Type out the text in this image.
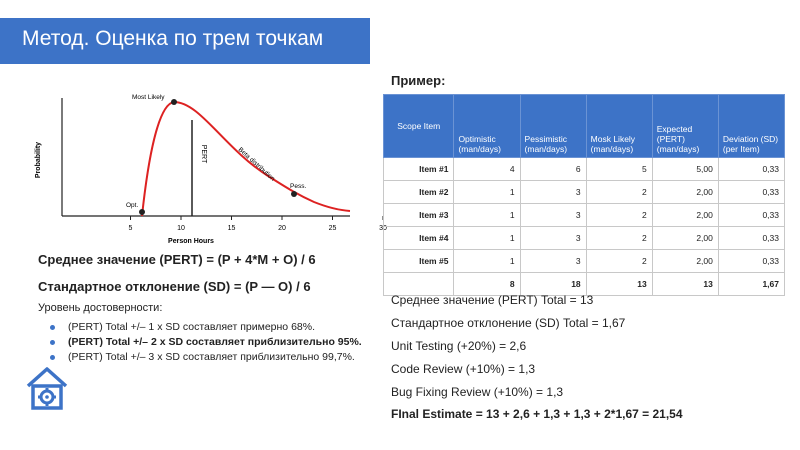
Метод. Оценка по трем точкам
Probability
Person Hours
5	10	15	20	25	30
PERT	Beta distribution
Most Likely
Opt.
Pess.
Среднее значение (PERT) = (P + 4*M + O) / 6
Стандартное отклонение (SD) = (P — O) / 6
Уровень достоверности:
(PERT) Total +/– 1 x SD составляет примерно 68%.
(PERT) Total +/– 2 x SD составляет приблизительно 95%.
(PERT) Total +/– 3 x SD составляет приблизительно 99,7%.
Пример:
Scope Item	Optimistic (man/days)	Pessimistic (man/days)	Mosk Likely (man/days)	Expected (PERT) (man/days)	Deviation (SD) (per Item)
Item #1	4	6	5	5,00	0,33
Item #2	1	3	2	2,00	0,33
Item #3	1	3	2	2,00	0,33
Item #4	1	3	2	2,00	0,33
Item #5	1	3	2	2,00	0,33
	8	18	13	13	1,67
Среднее значение (PERT) Total = 13
Стандартное отклонение (SD) Total = 1,67
Unit Testing (+20%) = 2,6
Code Review (+10%) = 1,3
Bug Fixing Review (+10%) = 1,3
FInal Estimate = 13 + 2,6 + 1,3 + 1,3 + 2*1,67 = 21,54
